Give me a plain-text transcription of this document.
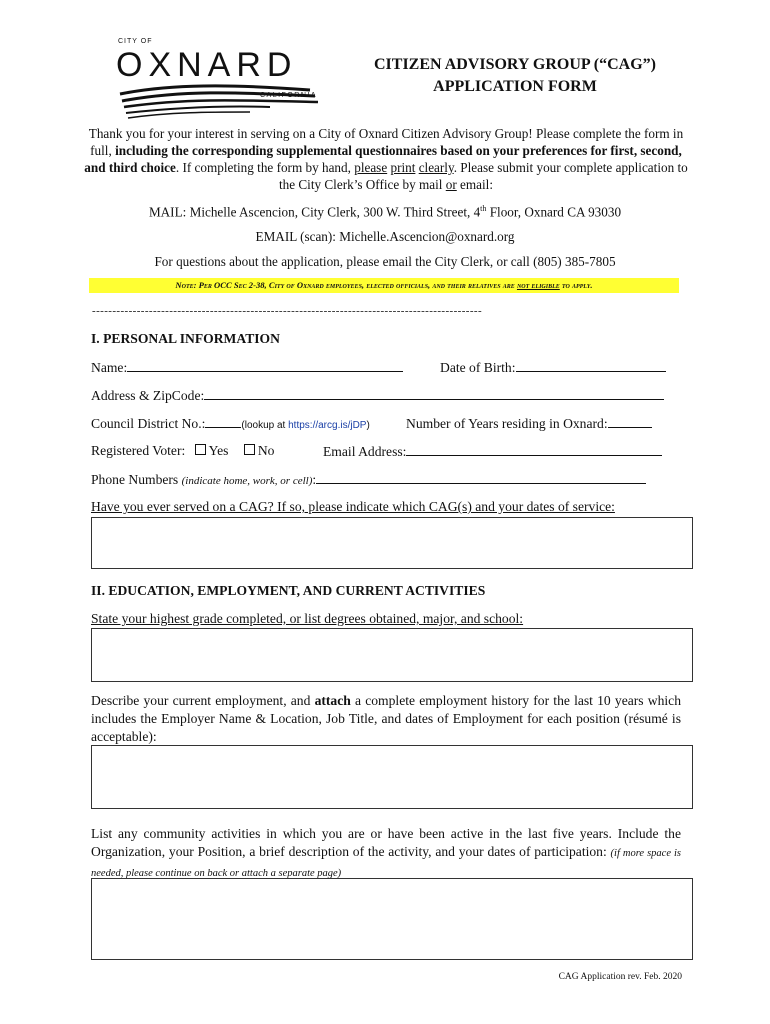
CITY OF
OXNARD
CALIFORNIA
CITIZEN ADVISORY GROUP (“CAG”)
APPLICATION FORM
Thank you for your interest in serving on a City of Oxnard Citizen Advisory Group! Please complete the form in full, including the corresponding supplemental questionnaires based on your preferences for first, second, and third choice. If completing the form by hand, please print clearly. Please submit your complete application to the City Clerk’s Office by mail or email:
MAIL: Michelle Ascencion, City Clerk, 300 W. Third Street, 4th Floor, Oxnard CA 93030
EMAIL (scan): Michelle.Ascencion@oxnard.org
For questions about the application, please email the City Clerk, or call (805) 385-7805
Note: Per OCC Sec 2-38, City of Oxnard employees, elected officials, and their relatives are not eligible to apply.
------------------------------------------------------------------------------------------------
I. PERSONAL INFORMATION
Name:	Date of Birth:
Address & ZipCode:
Council District No.:	(lookup at https://arcg.is/jDP)	Number of Years residing in Oxnard:
Registered Voter: Yes No	Email Address:
Phone Numbers (indicate home, work, or cell):
Have you ever served on a CAG? If so, please indicate which CAG(s) and your dates of service:
II. EDUCATION, EMPLOYMENT, AND CURRENT ACTIVITIES
State your highest grade completed, or list degrees obtained, major, and school:
Describe your current employment, and attach a complete employment history for the last 10 years which includes the Employer Name & Location, Job Title, and dates of Employment for each position (résumé is acceptable):
List any community activities in which you are or have been active in the last five years. Include the Organization, your Position, a brief description of the activity, and your dates of participation: (if more space is needed, please continue on back or attach a separate page)
CAG Application rev. Feb. 2020
